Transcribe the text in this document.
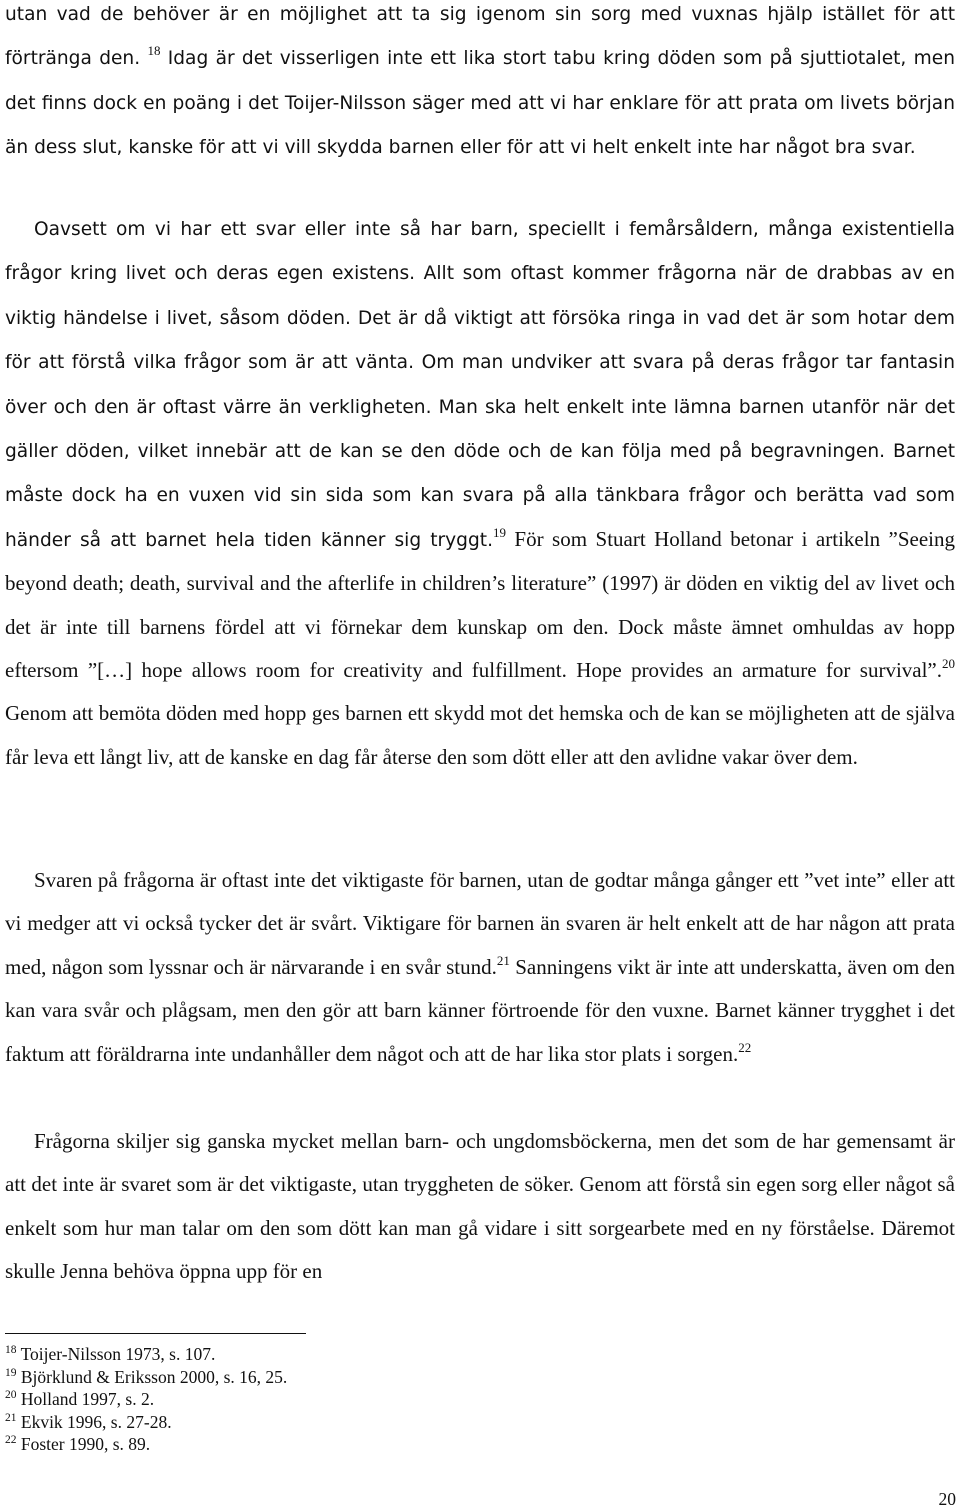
utan vad de behöver är en möjlighet att ta sig igenom sin sorg med vuxnas hjälp istället för att förtränga den. $^{18}$ Idag är det visserligen inte ett lika stort tabu kring döden som på sjuttiotalet, men det finns dock en poäng i det Toijer-Nilsson säger med att vi har enklare för att prata om livets början än dess slut, kanske för att vi vill skydda barnen eller för att vi helt enkelt inte har något bra svar.

Oavsett om vi har ett svar eller inte så har barn, speciellt i femårsåldern, många existentiella frågor kring livet och deras egen existens. Allt som oftast kommer frågorna när de drabbas av en viktig händelse i livet, såsom döden. Det är då viktigt att försöka ringa in vad det är som hotar dem för att förstå vilka frågor som är att vänta. Om man undviker att svara på deras frågor tar fantasin över och den är oftast värre än verkligheten. Man ska helt enkelt inte lämna barnen utanför när det gäller döden, vilket innebär att de kan se den döde och de kan följa med på begravningen. Barnet måste dock ha en vuxen vid sin sida som kan svara på alla tänkbara frågor och berätta vad som händer så att barnet hela tiden känner sig tryggt.$^{19}$ För som Stuart Holland betonar i artikeln ”Seeing beyond death; death, survival and the afterlife in children’s literature” (1997) är döden en viktig del av livet och det är inte till barnens fördel att vi förnekar dem kunskap om den. Dock måste ämnet omhuldas av hopp eftersom ”[…] hope allows room for creativity and fulfillment. Hope provides an armature for survival”.$^{20}$ Genom att bemöta döden med hopp ges barnen ett skydd mot det hemska och de kan se möjligheten att de själva får leva ett långt liv, att de kanske en dag får återse den som dött eller att den avlidne vakar över dem.

Svaren på frågorna är oftast inte det viktigaste för barnen, utan de godtar många gånger ett ”vet inte” eller att vi medger att vi också tycker det är svårt. Viktigare för barnen än svaren är helt enkelt att de har någon att prata med, någon som lyssnar och är närvarande i en svår stund.$^{21}$ Sanningens vikt är inte att underskatta, även om den kan vara svår och plågsam, men den gör att barn känner förtroende för den vuxne. Barnet känner trygghet i det faktum att föräldrarna inte undanhåller dem något och att de har lika stor plats i sorgen.$^{22}$

Frågorna skiljer sig ganska mycket mellan barn- och ungdomsböckerna, men det som de har gemensamt är att det inte är svaret som är det viktigaste, utan tryggheten de söker. Genom att förstå sin egen sorg eller något så enkelt som hur man talar om den som dött kan man gå vidare i sitt sorgearbete med en ny förståelse. Däremot skulle Jenna behöva öppna upp för en

$^{18}$ Toijer-Nilsson 1973, s. 107.

$^{19}$ Björklund & Eriksson 2000, s. 16, 25.

$^{20}$ Holland 1997, s. 2.

$^{21}$ Ekvik 1996, s. 27-28.

$^{22}$ Foster 1990, s. 89.

20
